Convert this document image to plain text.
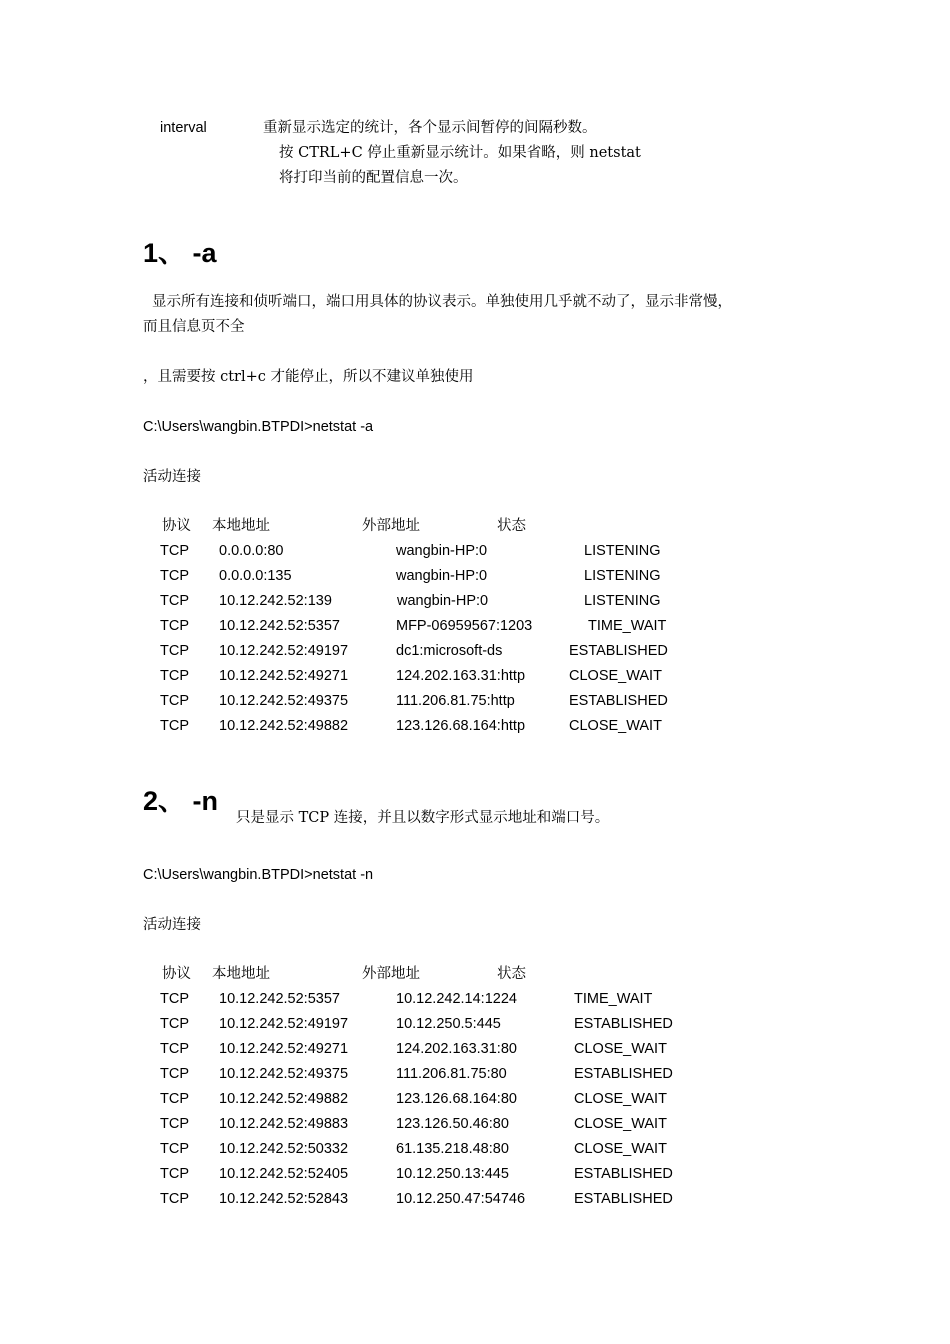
interval	重新显示选定的统计，各个显示间暂停的间隔秒数。
按 CTRL+C 停止重新显示统计。如果省略，则 netstat
将打印当前的配置信息一次。
1、 -a
显示所有连接和侦听端口，端口用具体的协议表示。单独使用几乎就不动了，显示非常慢，
而且信息页不全
，且需要按 ctrl+c 才能停止，所以不建议单独使用
C:\Users\wangbin.BTPDI>netstat -a
活动连接
协议 本地地址	外部地址	状态
TCP 0.0.0.0:80	wangbin-HP:0	LISTENING
TCP 0.0.0.0:135	wangbin-HP:0	LISTENING
TCP 10.12.242.52:139	wangbin-HP:0	LISTENING
TCP 10.12.242.52:5357	MFP-06959567:1203	TIME_WAIT
TCP 10.12.242.52:49197	dc1:microsoft-ds	ESTABLISHED
TCP 10.12.242.52:49271	124.202.163.31:http	CLOSE_WAIT
TCP 10.12.242.52:49375	111.206.81.75:http	ESTABLISHED
TCP 10.12.242.52:49882	123.126.68.164:http	CLOSE_WAIT
2、 -n
只是显示 TCP 连接，并且以数字形式显示地址和端口号。
C:\Users\wangbin.BTPDI>netstat -n
活动连接
协议 本地地址	外部地址	状态
TCP 10.12.242.52:5357	10.12.242.14:1224	TIME_WAIT
TCP 10.12.242.52:49197	10.12.250.5:445	ESTABLISHED
TCP 10.12.242.52:49271	124.202.163.31:80	CLOSE_WAIT
TCP 10.12.242.52:49375	111.206.81.75:80	ESTABLISHED
TCP 10.12.242.52:49882	123.126.68.164:80	CLOSE_WAIT
TCP 10.12.242.52:49883	123.126.50.46:80	CLOSE_WAIT
TCP 10.12.242.52:50332	61.135.218.48:80	CLOSE_WAIT
TCP 10.12.242.52:52405	10.12.250.13:445	ESTABLISHED
TCP 10.12.242.52:52843	10.12.250.47:54746	ESTABLISHED
